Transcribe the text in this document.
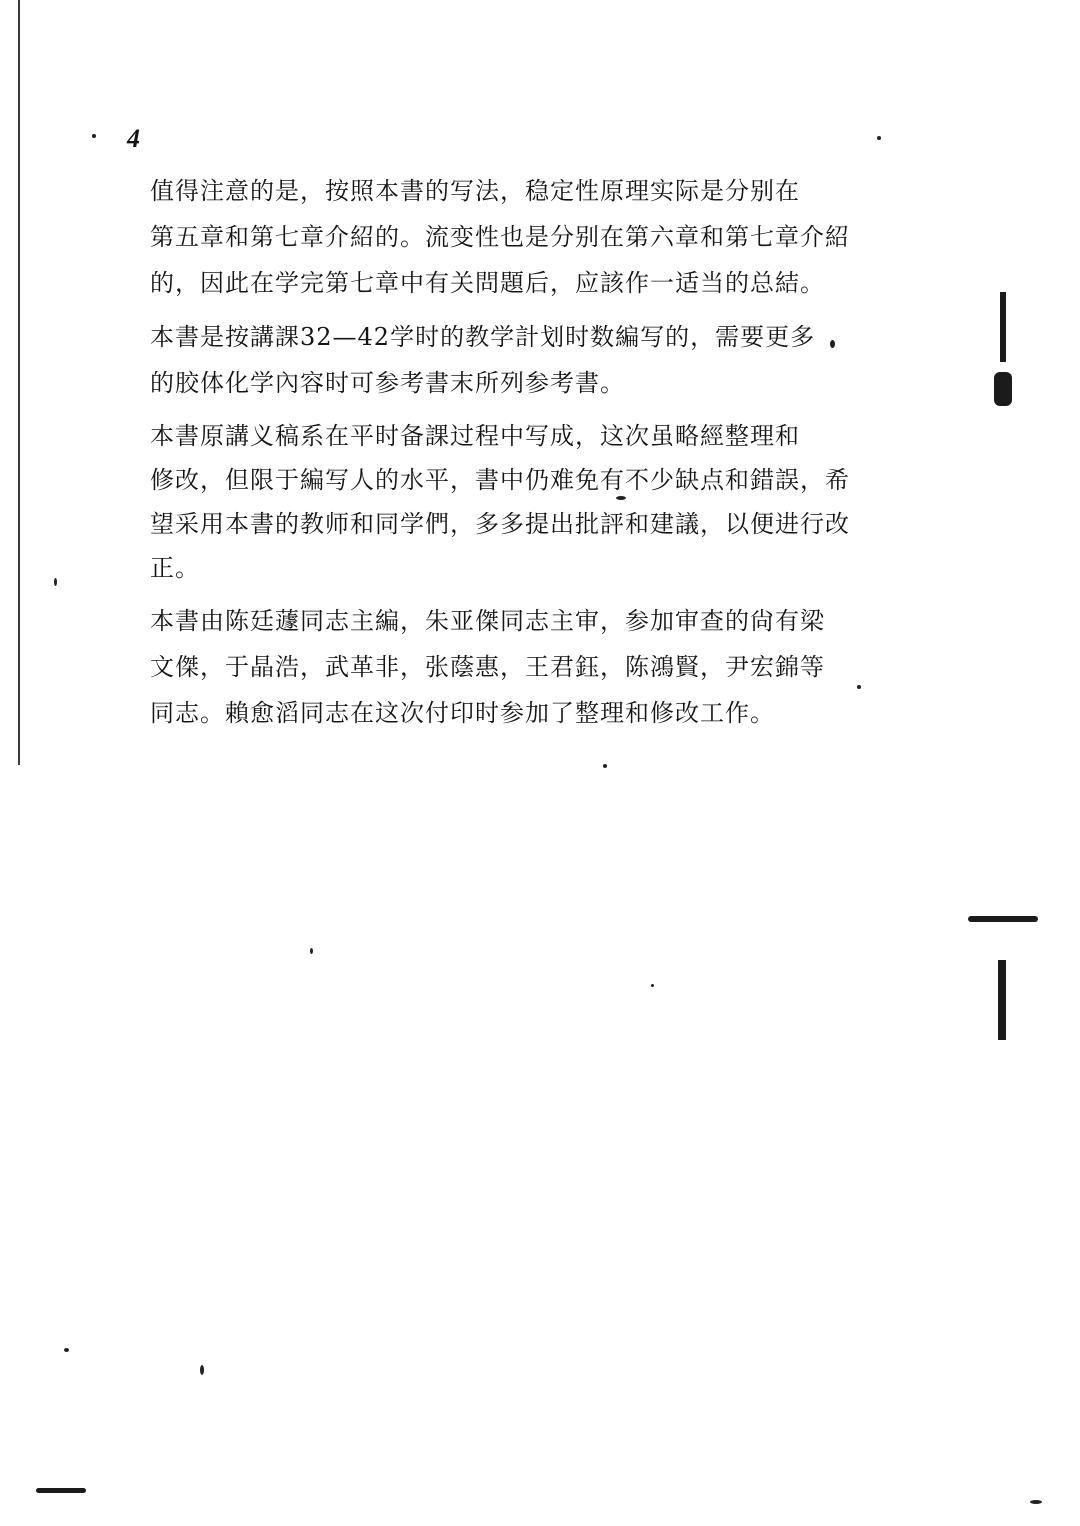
4

值得注意的是，按照本書的写法，稳定性原理实际是分别在
第五章和第七章介紹的。流变性也是分别在第六章和第七章介紹
的，因此在学完第七章中有关問題后，应該作一适当的总結。

本書是按講課32—42学时的教学計划时数編写的，需要更多
的胶体化学內容时可参考書末所列参考書。

本書原講义稿系在平时备課过程中写成，这次虽略經整理和
修改，但限于編写人的水平，書中仍难免有不少缺点和錯誤，希
望采用本書的教师和同学們，多多提出批評和建議，以便进行改
正。

本書由陈廷蘧同志主編，朱亚傑同志主审，参加审查的尙有梁
文傑，于晶浩，武革非，张蔭惠，王君鈺，陈鴻賢，尹宏錦等
同志。賴愈滔同志在这次付印时参加了整理和修改工作。
